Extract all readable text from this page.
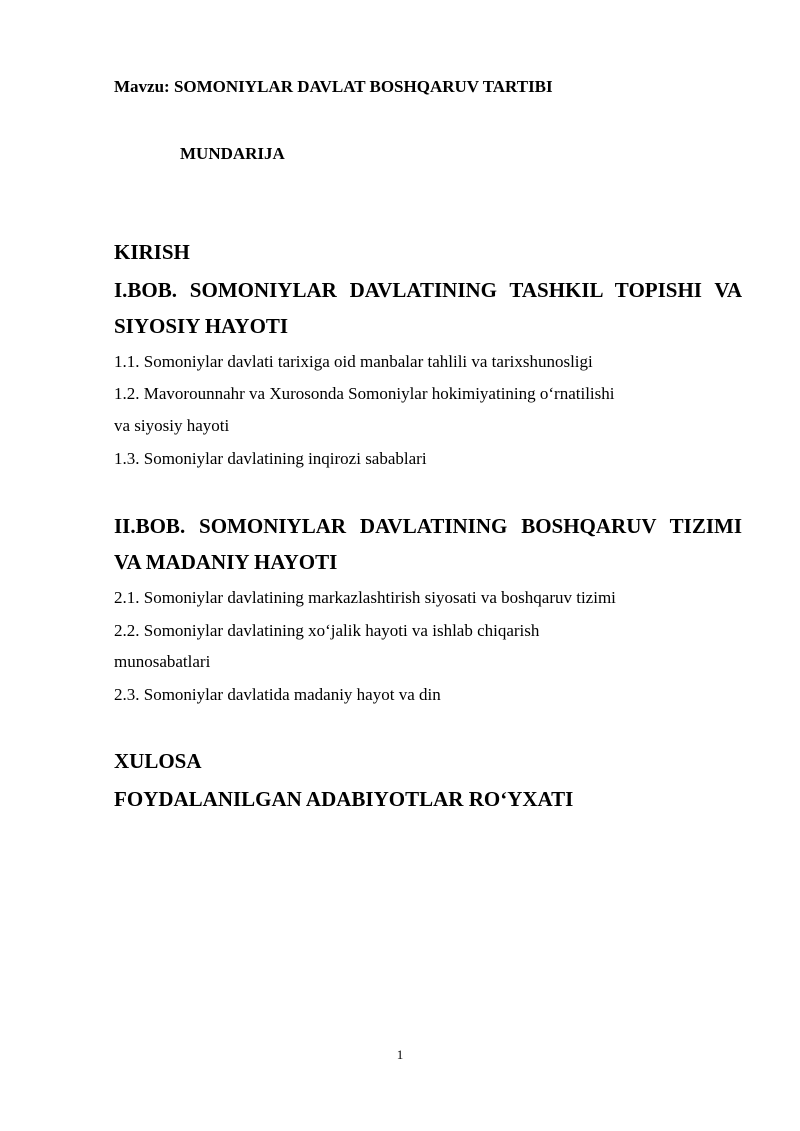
Mavzu: SOMONIYLAR DAVLAT BOSHQARUV TARTIBI
MUNDARIJA
KIRISH
I.BOB. SOMONIYLAR DAVLATINING TASHKIL TOPISHI VA
SIYOSIY HAYOTI
1.1. Somoniylar davlati tarixiga oid manbalar tahlili va tarixshunosligi
1.2. Mavorounnahr va Xurosonda Somoniylar hokimiyatining o‘rnatilishi
va siyosiy hayoti
1.3. Somoniylar davlatining inqirozi sabablari
II.BOB. SOMONIYLAR DAVLATINING BOSHQARUV TIZIMI
VA MADANIY HAYOTI
2.1. Somoniylar davlatining markazlashtirish siyosati va boshqaruv tizimi
2.2. Somoniylar davlatining xo‘jalik hayoti va ishlab chiqarish
munosabatlari
2.3. Somoniylar davlatida madaniy hayot va din
XULOSA
FOYDALANILGAN ADABIYOTLAR RO‘YXATI
1
